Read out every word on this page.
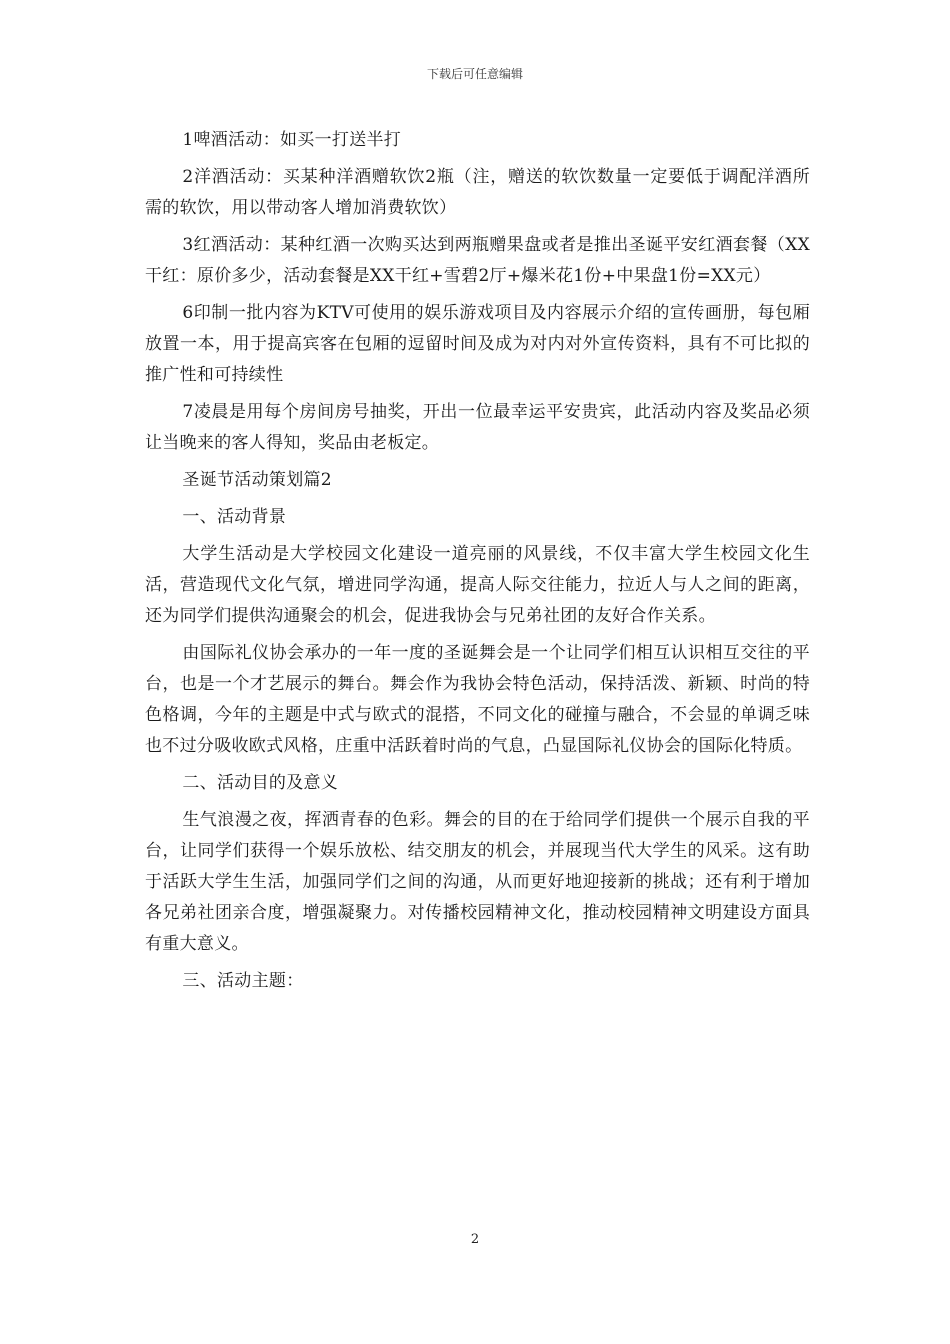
下载后可任意编辑

1啤酒活动：如买一打送半打

2洋酒活动：买某种洋酒赠软饮2瓶（注，赠送的软饮数量一定要低于调配洋酒所需的软饮，用以带动客人增加消费软饮）

3红酒活动：某种红酒一次购买达到两瓶赠果盘或者是推出圣诞平安红酒套餐（XX干红：原价多少，活动套餐是XX干红+雪碧2厅+爆米花1份+中果盘1份=XX元）

6印制一批内容为KTV可使用的娱乐游戏项目及内容展示介绍的宣传画册，每包厢放置一本，用于提高宾客在包厢的逗留时间及成为对内对外宣传资料，具有不可比拟的推广性和可持续性

7凌晨是用每个房间房号抽奖，开出一位最幸运平安贵宾，此活动内容及奖品必须让当晚来的客人得知，奖品由老板定。

圣诞节活动策划篇2

一、活动背景

大学生活动是大学校园文化建设一道亮丽的风景线，不仅丰富大学生校园文化生活，营造现代文化气氛，增进同学沟通，提高人际交往能力，拉近人与人之间的距离，还为同学们提供沟通聚会的机会，促进我协会与兄弟社团的友好合作关系。

由国际礼仪协会承办的一年一度的圣诞舞会是一个让同学们相互认识相互交往的平台，也是一个才艺展示的舞台。舞会作为我协会特色活动，保持活泼、新颖、时尚的特色格调，今年的主题是中式与欧式的混搭，不同文化的碰撞与融合，不会显的单调乏味也不过分吸收欧式风格，庄重中活跃着时尚的气息，凸显国际礼仪协会的国际化特质。

二、活动目的及意义

生气浪漫之夜，挥洒青春的色彩。舞会的目的在于给同学们提供一个展示自我的平台，让同学们获得一个娱乐放松、结交朋友的机会，并展现当代大学生的风采。这有助于活跃大学生生活，加强同学们之间的沟通，从而更好地迎接新的挑战；还有利于增加各兄弟社团亲合度，增强凝聚力。对传播校园精神文化，推动校园精神文明建设方面具有重大意义。

三、活动主题：

2
